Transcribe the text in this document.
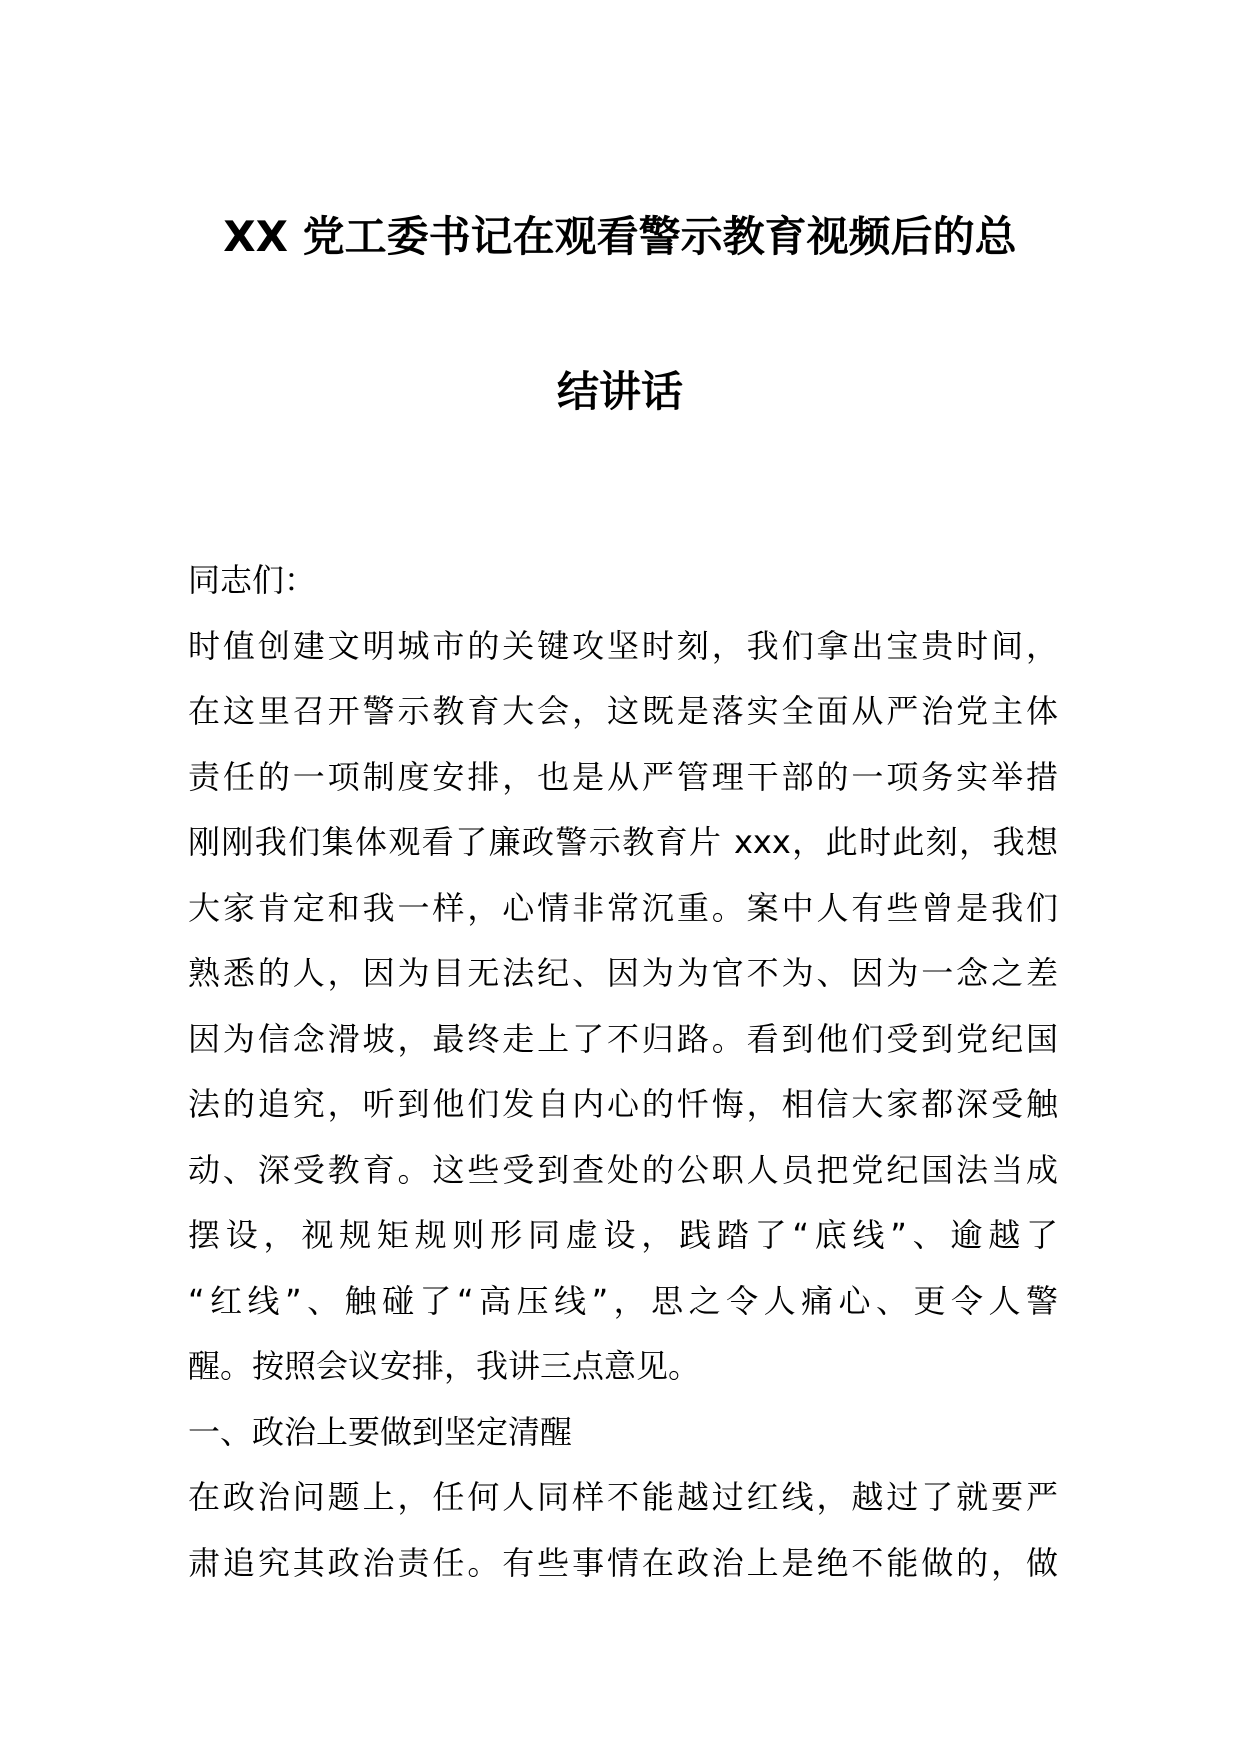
XX 党工委书记在观看警示教育视频后的总
结讲话
同志们：
时值创建文明城市的关键攻坚时刻，我们拿出宝贵时间，
在这里召开警示教育大会，这既是落实全面从严治党主体
责任的一项制度安排，也是从严管理干部的一项务实举措
刚刚我们集体观看了廉政警示教育片 xxx，此时此刻，我想
大家肯定和我一样，心情非常沉重。案中人有些曾是我们
熟悉的人，因为目无法纪、因为为官不为、因为一念之差
因为信念滑坡，最终走上了不归路。看到他们受到党纪国
法的追究，听到他们发自内心的忏悔，相信大家都深受触
动、深受教育。这些受到查处的公职人员把党纪国法当成
摆设，视规矩规则形同虚设，践踏了“底线”、逾越了
“红线”、触碰了“高压线”，思之令人痛心、更令人警
醒。按照会议安排，我讲三点意见。
一、政治上要做到坚定清醒
在政治问题上，任何人同样不能越过红线，越过了就要严
肃追究其政治责任。有些事情在政治上是绝不能做的，做
